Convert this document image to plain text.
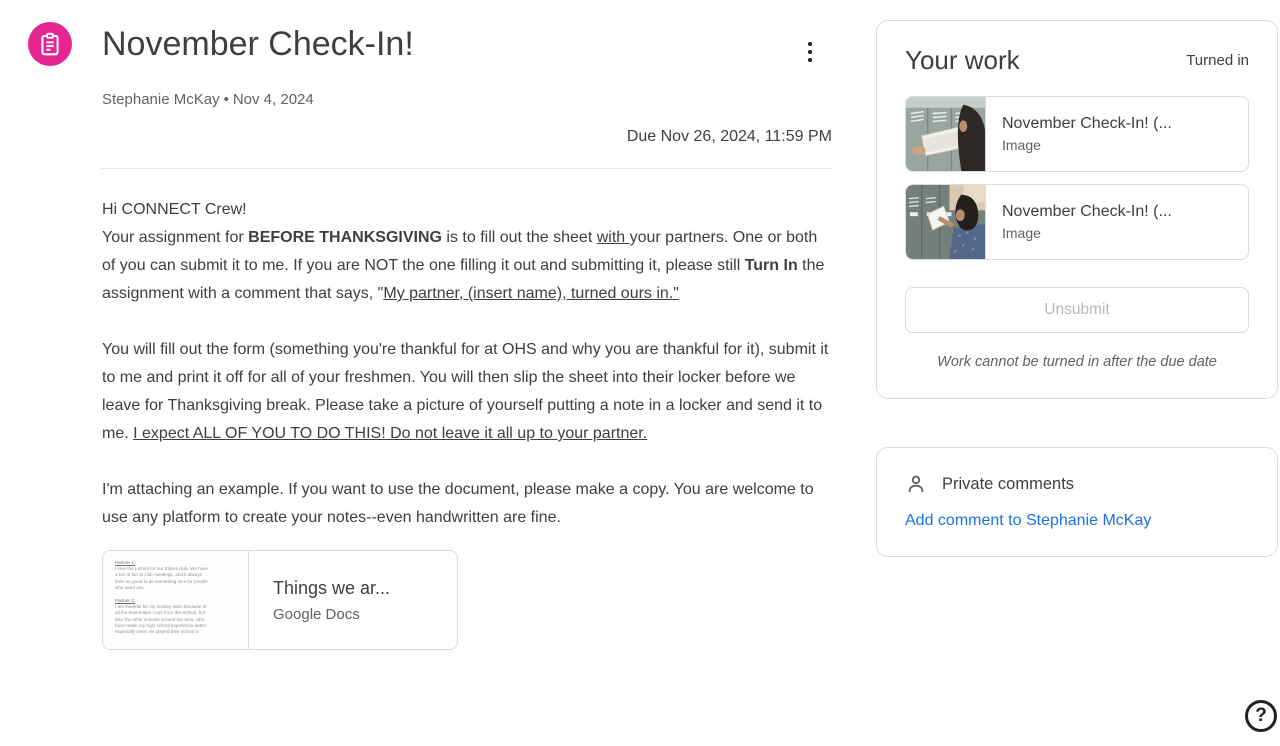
November Check-In!
Stephanie McKay • Nov 4, 2024
Due Nov 26, 2024, 11:59 PM

Hi CONNECT Crew!
Your assignment for BEFORE THANKSGIVING is to fill out the sheet with your partners. One or both of you can submit it to me. If you are NOT the one filling it out and submitting it, please still Turn In the assignment with a comment that says, "My partner, (insert name), turned ours in."

You will fill out the form (something you're thankful for at OHS and why you are thankful for it), submit it to me and print it off for all of your freshmen. You will then slip the sheet into their locker before we leave for Thanksgiving break. Please take a picture of yourself putting a note in a locker and send it to me. I expect ALL OF YOU TO DO THIS! Do not leave it all up to your partner.

I'm attaching an example. If you want to use the document, please make a copy. You are welcome to use any platform to create your notes--even handwritten are fine.

Partner 1:
I love the Letters for our Elders club. We have
a ton of fun at club meetings, and it always
feels so good to do something nice for people
who need you.
Partner 2:
I am thankful for my hockey team because of
all the teammates I met from this school, but
also the other schools around the area, who
have made my high school experience better,
especially when we played their school in
Things we ar...
Google Docs
Your work	Turned in
November Check-In! (...
Image
November Check-In! (...
Image
Unsubmit
Work cannot be turned in after the due date
Private comments
Add comment to Stephanie McKay
?
